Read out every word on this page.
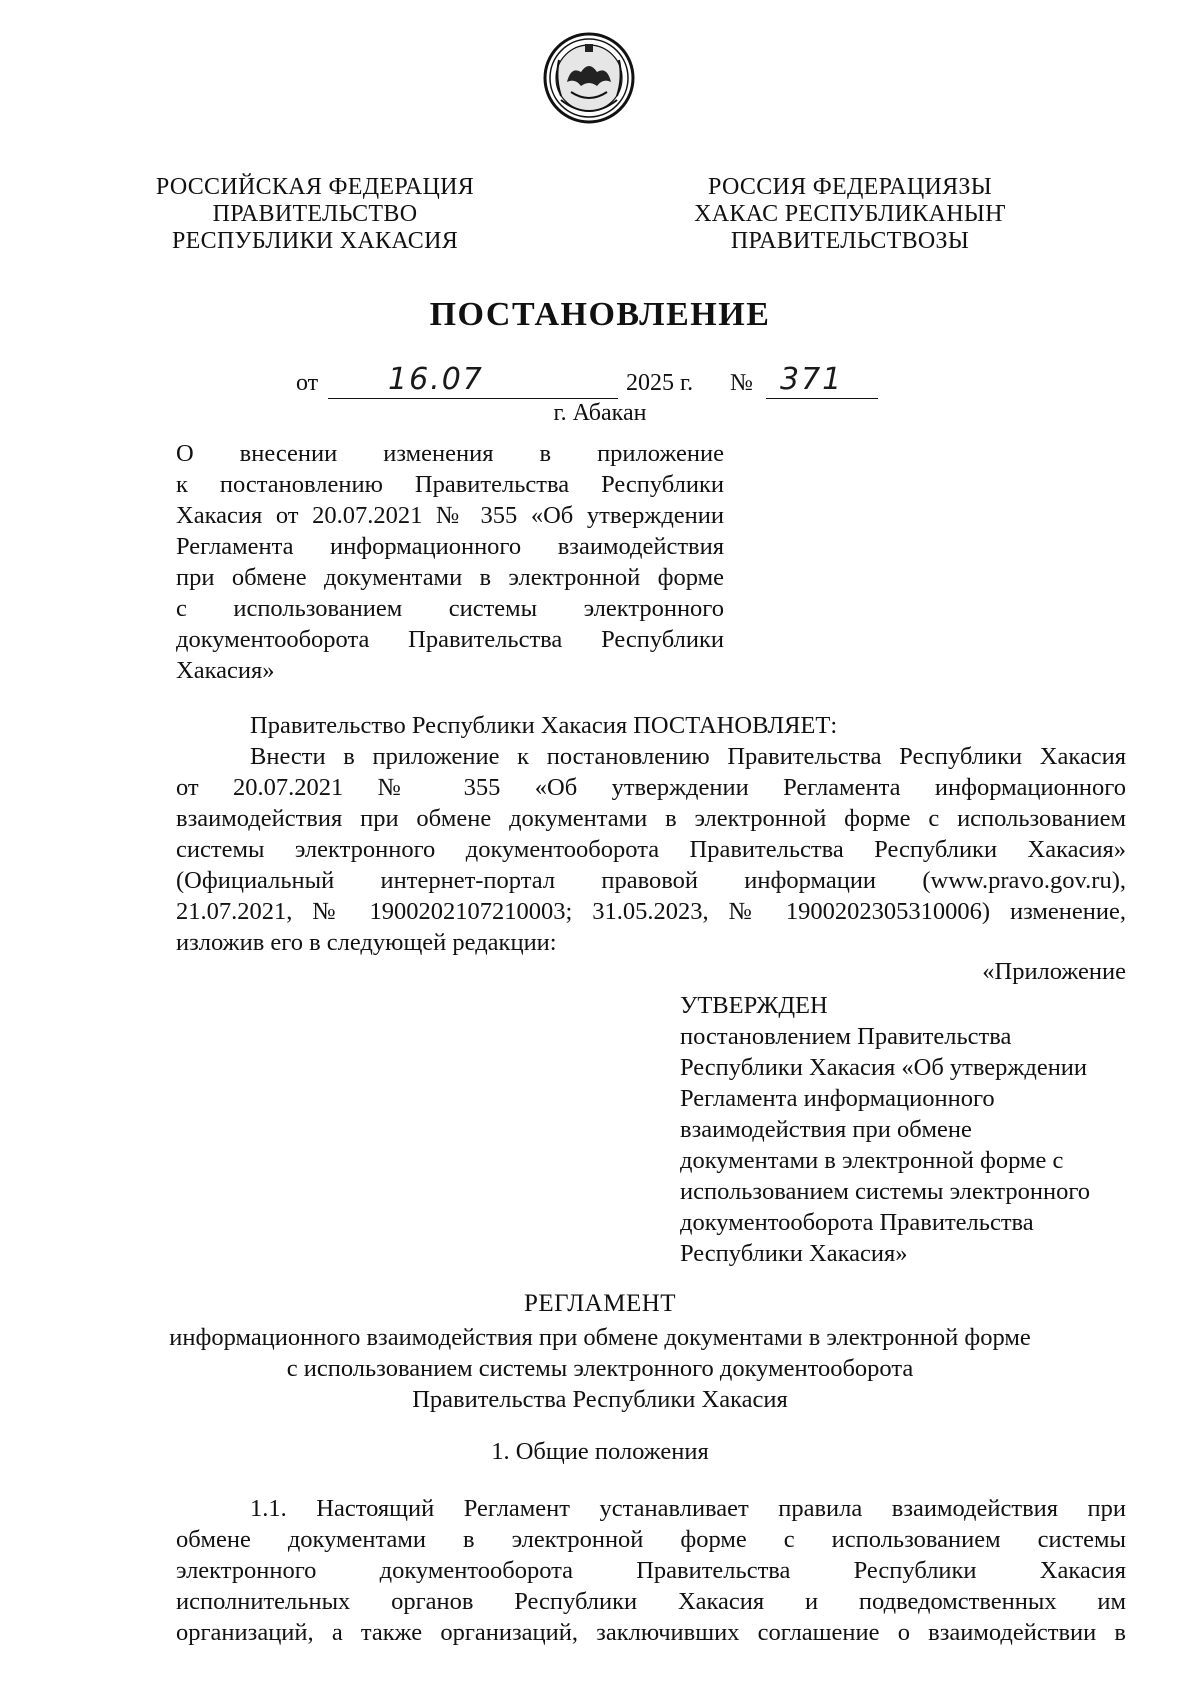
РОССИЙСКАЯ ФЕДЕРАЦИЯ
ПРАВИТЕЛЬСТВО
РЕСПУБЛИКИ ХАКАСИЯ
РОССИЯ ФЕДЕРАЦИЯЗЫ
ХАКАС РЕСПУБЛИКАНЫҤ
ПРАВИТЕЛЬСТВОЗЫ
ПОСТАНОВЛЕНИЕ
от 16.07	2025 г. № 371
г. Абакан
О внесении изменения в приложение
к постановлению Правительства Республики
Хакасия от 20.07.2021 № 355 «Об утверждении
Регламента информационного взаимодействия
при обмене документами в электронной форме
с использованием системы электронного
документооборота Правительства Республики
Хакасия»
Правительство Республики Хакасия ПОСТАНОВЛЯЕТ:
Внести в приложение к постановлению Правительства Республики Хакасия
от 20.07.2021 № 355 «Об утверждении Регламента информационного
взаимодействия при обмене документами в электронной форме с использованием
системы электронного документооборота Правительства Республики Хакасия»
(Официальный интернет-портал правовой информации (www.pravo.gov.ru),
21.07.2021, № 1900202107210003; 31.05.2023, № 1900202305310006) изменение,
изложив его в следующей редакции:
«Приложение
УТВЕРЖДЕН
постановлением Правительства
Республики Хакасия «Об утверждении
Регламента информационного
взаимодействия при обмене
документами в электронной форме с
использованием системы электронного
документооборота Правительства
Республики Хакасия»
РЕГЛАМЕНТ
информационного взаимодействия при обмене документами в электронной форме
с использованием системы электронного документооборота
Правительства Республики Хакасия
1. Общие положения
1.1. Настоящий Регламент устанавливает правила взаимодействия при
обмене документами в электронной форме с использованием системы
электронного документооборота Правительства Республики Хакасия
исполнительных органов Республики Хакасия и подведомственных им
организаций, а также организаций, заключивших соглашение о взаимодействии в
